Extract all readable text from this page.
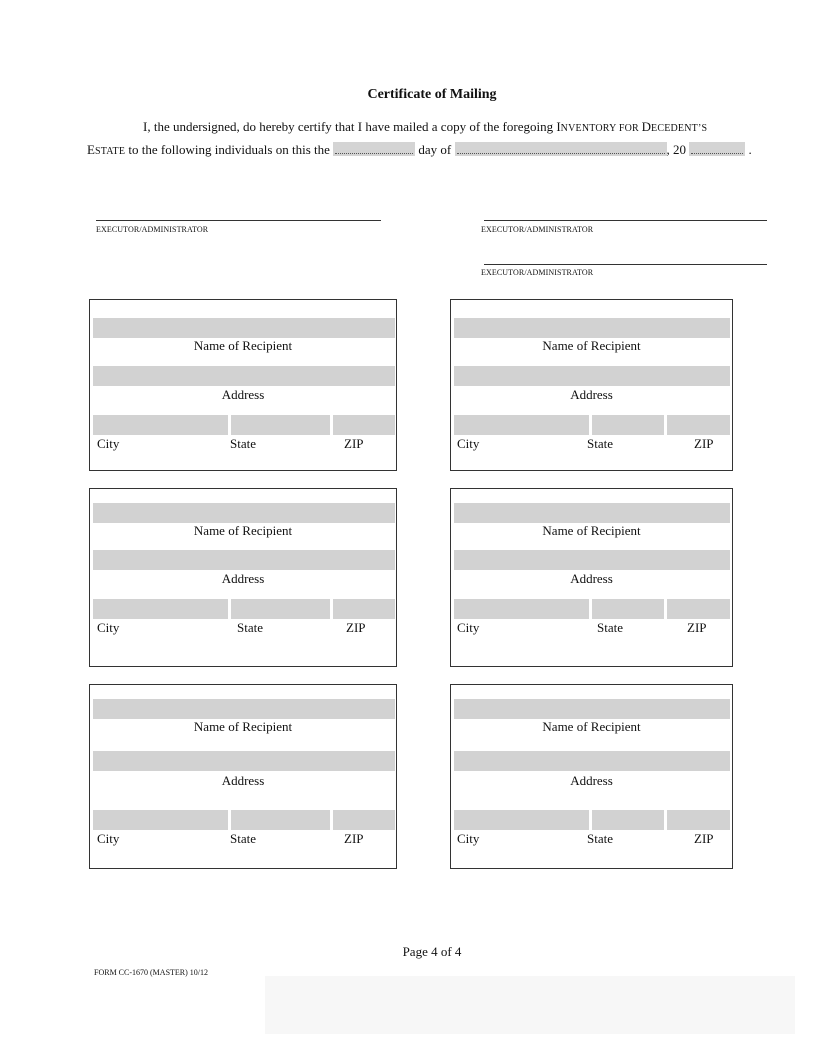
Certificate of Mailing
I, the undersigned, do hereby certify that I have mailed a copy of the foregoing INVENTORY FOR DECEDENT’S
ESTATE to the following individuals on this the	day of	, 20	.
EXECUTOR/ADMINISTRATOR	EXECUTOR/ADMINISTRATOR
EXECUTOR/ADMINISTRATOR
Name of Recipient
Address
City	State	ZIP
Name of Recipient
Address
City	State	ZIP
Name of Recipient
Address
City	State	ZIP
Name of Recipient
Address
City	State	ZIP
Name of Recipient
Address
City	State	ZIP
Name of Recipient
Address
City	State	ZIP
Page 4 of 4
FORM CC-1670 (MASTER) 10/12
